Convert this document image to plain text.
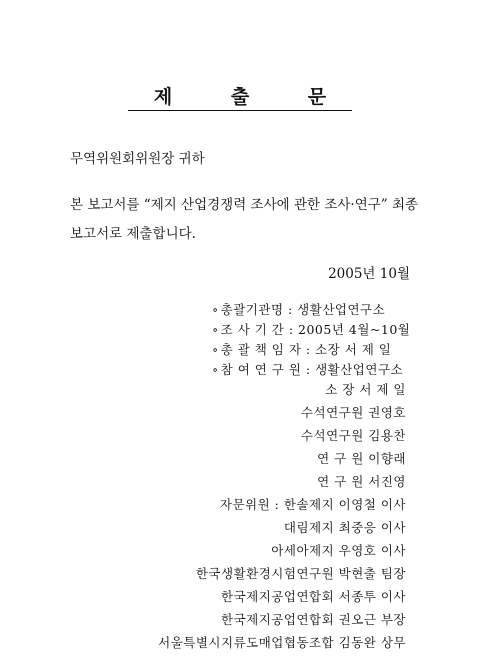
제 출 문
무역위원회위원장 귀하
본 보고서를 “제지 산업경쟁력 조사에 관한 조사·연구” 최종
보고서로 제출합니다.
2005년 10월
∘ 총괄기관명 : 생활산업연구소
∘ 조 사 기 간 : 2005년 4월~10월
∘ 총 괄 책 임 자 : 소장 서 제 일
∘ 참 여 연 구 원 : 생활산업연구소
소 장 서 제 일
수석연구원 권영호
수석연구원 김용찬
연 구 원 이향래
연 구 원 서진영
자문위원 : 한솔제지 이영철 이사
대림제지 최중응 이사
아세아제지 우영호 이사
한국생활환경시험연구원 박현출 팀장
한국제지공업연합회 서종투 이사
한국제지공업연합회 권오근 부장
서울특별시지류도매업협동조합 김동완 상무
